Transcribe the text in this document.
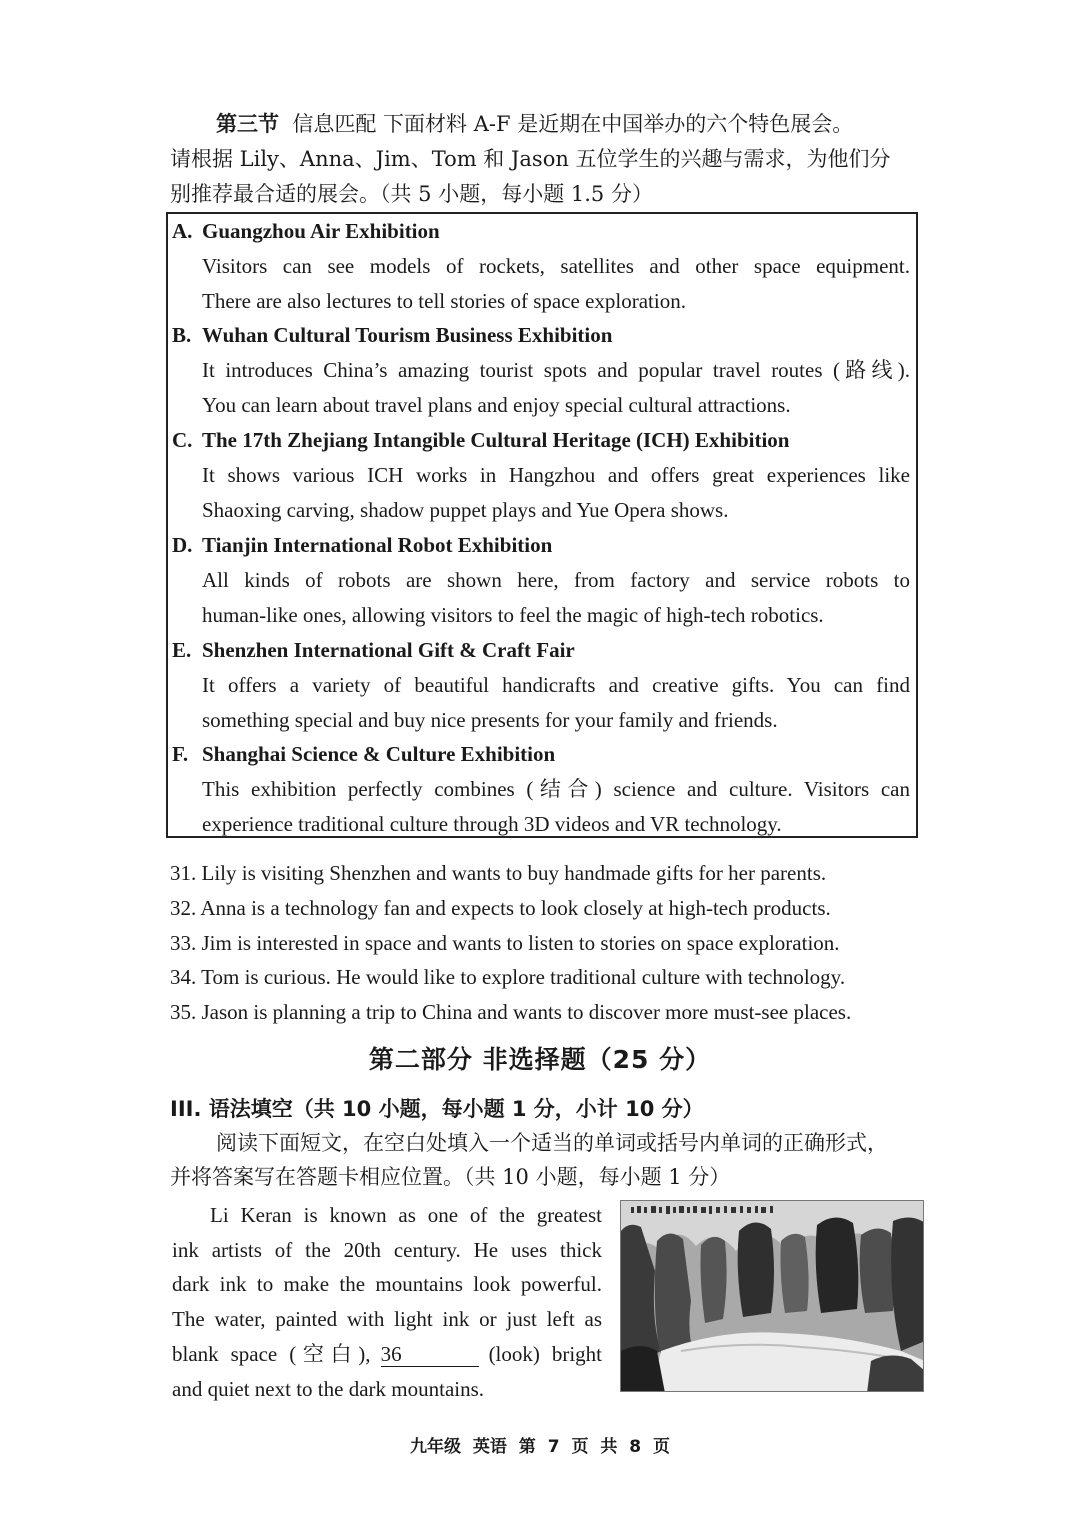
第三节 信息匹配 下面材料 A-F 是近期在中国举办的六个特色展会。
请根据 Lily、Anna、Jim、Tom 和 Jason 五位学生的兴趣与需求，为他们分
别推荐最合适的展会。（共 5 小题，每小题 1.5 分）
A. Guangzhou Air Exhibition
Visitors can see models of rockets, satellites and other space equipment.
There are also lectures to tell stories of space exploration.
B. Wuhan Cultural Tourism Business Exhibition
It introduces China’s amazing tourist spots and popular travel routes (路线).
You can learn about travel plans and enjoy special cultural attractions.
C. The 17th Zhejiang Intangible Cultural Heritage (ICH) Exhibition
It shows various ICH works in Hangzhou and offers great experiences like
Shaoxing carving, shadow puppet plays and Yue Opera shows.
D. Tianjin International Robot Exhibition
All kinds of robots are shown here, from factory and service robots to
human-like ones, allowing visitors to feel the magic of high-tech robotics.
E. Shenzhen International Gift & Craft Fair
It offers a variety of beautiful handicrafts and creative gifts. You can find
something special and buy nice presents for your family and friends.
F. Shanghai Science & Culture Exhibition
This exhibition perfectly combines (结合) science and culture. Visitors can
experience traditional culture through 3D videos and VR technology.
31. Lily is visiting Shenzhen and wants to buy handmade gifts for her parents.
32. Anna is a technology fan and expects to look closely at high-tech products.
33. Jim is interested in space and wants to listen to stories on space exploration.
34. Tom is curious. He would like to explore traditional culture with technology.
35. Jason is planning a trip to China and wants to discover more must-see places.
第二部分 非选择题（25 分）
III. 语法填空（共 10 小题，每小题 1 分，小计 10 分）
阅读下面短文，在空白处填入一个适当的单词或括号内单词的正确形式，
并将答案写在答题卡相应位置。（共 10 小题，每小题 1 分）
Li Keran is known as one of the greatest
ink artists of the 20th century. He uses thick
dark ink to make the mountains look powerful.
The water, painted with light ink or just left as
blank space (空白), 36	(look) bright
and quiet next to the dark mountains.
九年级 英语 第 7 页 共 8 页
